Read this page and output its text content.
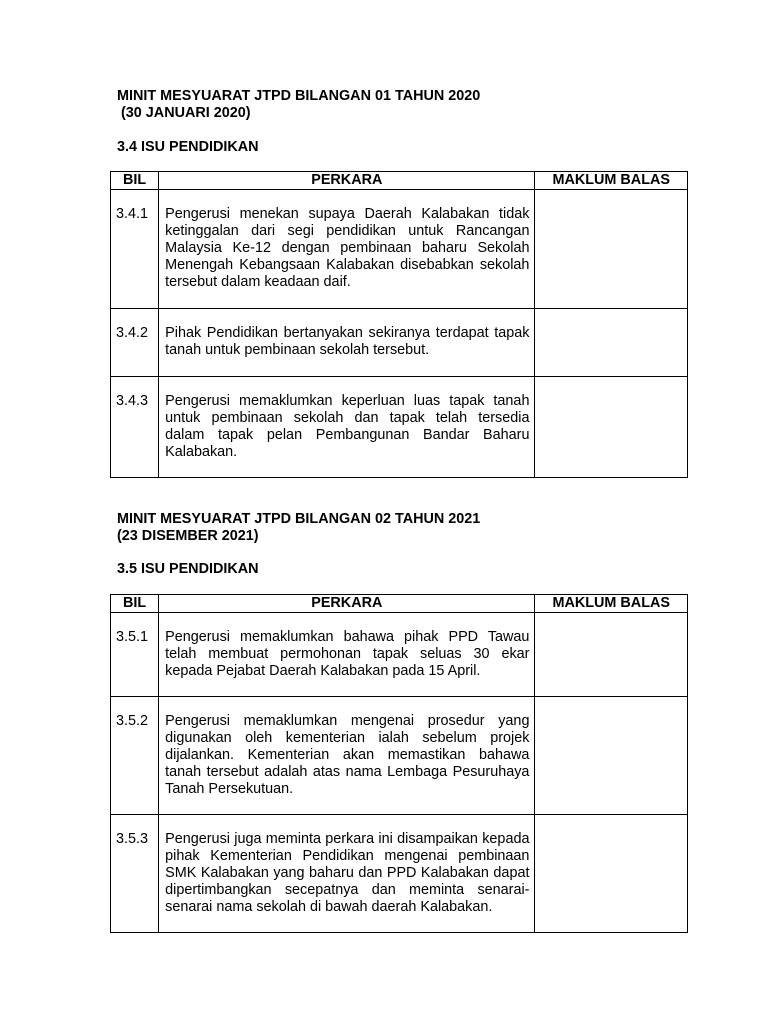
MINIT MESYUARAT JTPD BILANGAN 01 TAHUN 2020
(30 JANUARI 2020)
3.4 ISU PENDIDIKAN
BIL	PERKARA	MAKLUM BALAS
3.4.1	Pengerusi menekan supaya Daerah Kalabakan tidak ketinggalan dari segi pendidikan untuk Rancangan Malaysia Ke-12 dengan pembinaan baharu Sekolah Menengah Kebangsaan Kalabakan disebabkan sekolah tersebut dalam keadaan daif.	
3.4.2	Pihak Pendidikan bertanyakan sekiranya terdapat tapak tanah untuk pembinaan sekolah tersebut.	
3.4.3	Pengerusi memaklumkan keperluan luas tapak tanah untuk pembinaan sekolah dan tapak telah tersedia dalam tapak pelan Pembangunan Bandar Baharu Kalabakan.	
MINIT MESYUARAT JTPD BILANGAN 02 TAHUN 2021
(23 DISEMBER 2021)
3.5 ISU PENDIDIKAN
BIL	PERKARA	MAKLUM BALAS
3.5.1	Pengerusi memaklumkan bahawa pihak PPD Tawau telah membuat permohonan tapak seluas 30 ekar kepada Pejabat Daerah Kalabakan pada 15 April.	
3.5.2	Pengerusi memaklumkan mengenai prosedur yang digunakan oleh kementerian ialah sebelum projek dijalankan. Kementerian akan memastikan bahawa tanah tersebut adalah atas nama Lembaga Pesuruhaya Tanah Persekutuan.	
3.5.3	Pengerusi juga meminta perkara ini disampaikan kepada pihak Kementerian Pendidikan mengenai pembinaan SMK Kalabakan yang baharu dan PPD Kalabakan dapat dipertimbangkan secepatnya dan meminta senarai-senarai nama sekolah di bawah daerah Kalabakan.	
